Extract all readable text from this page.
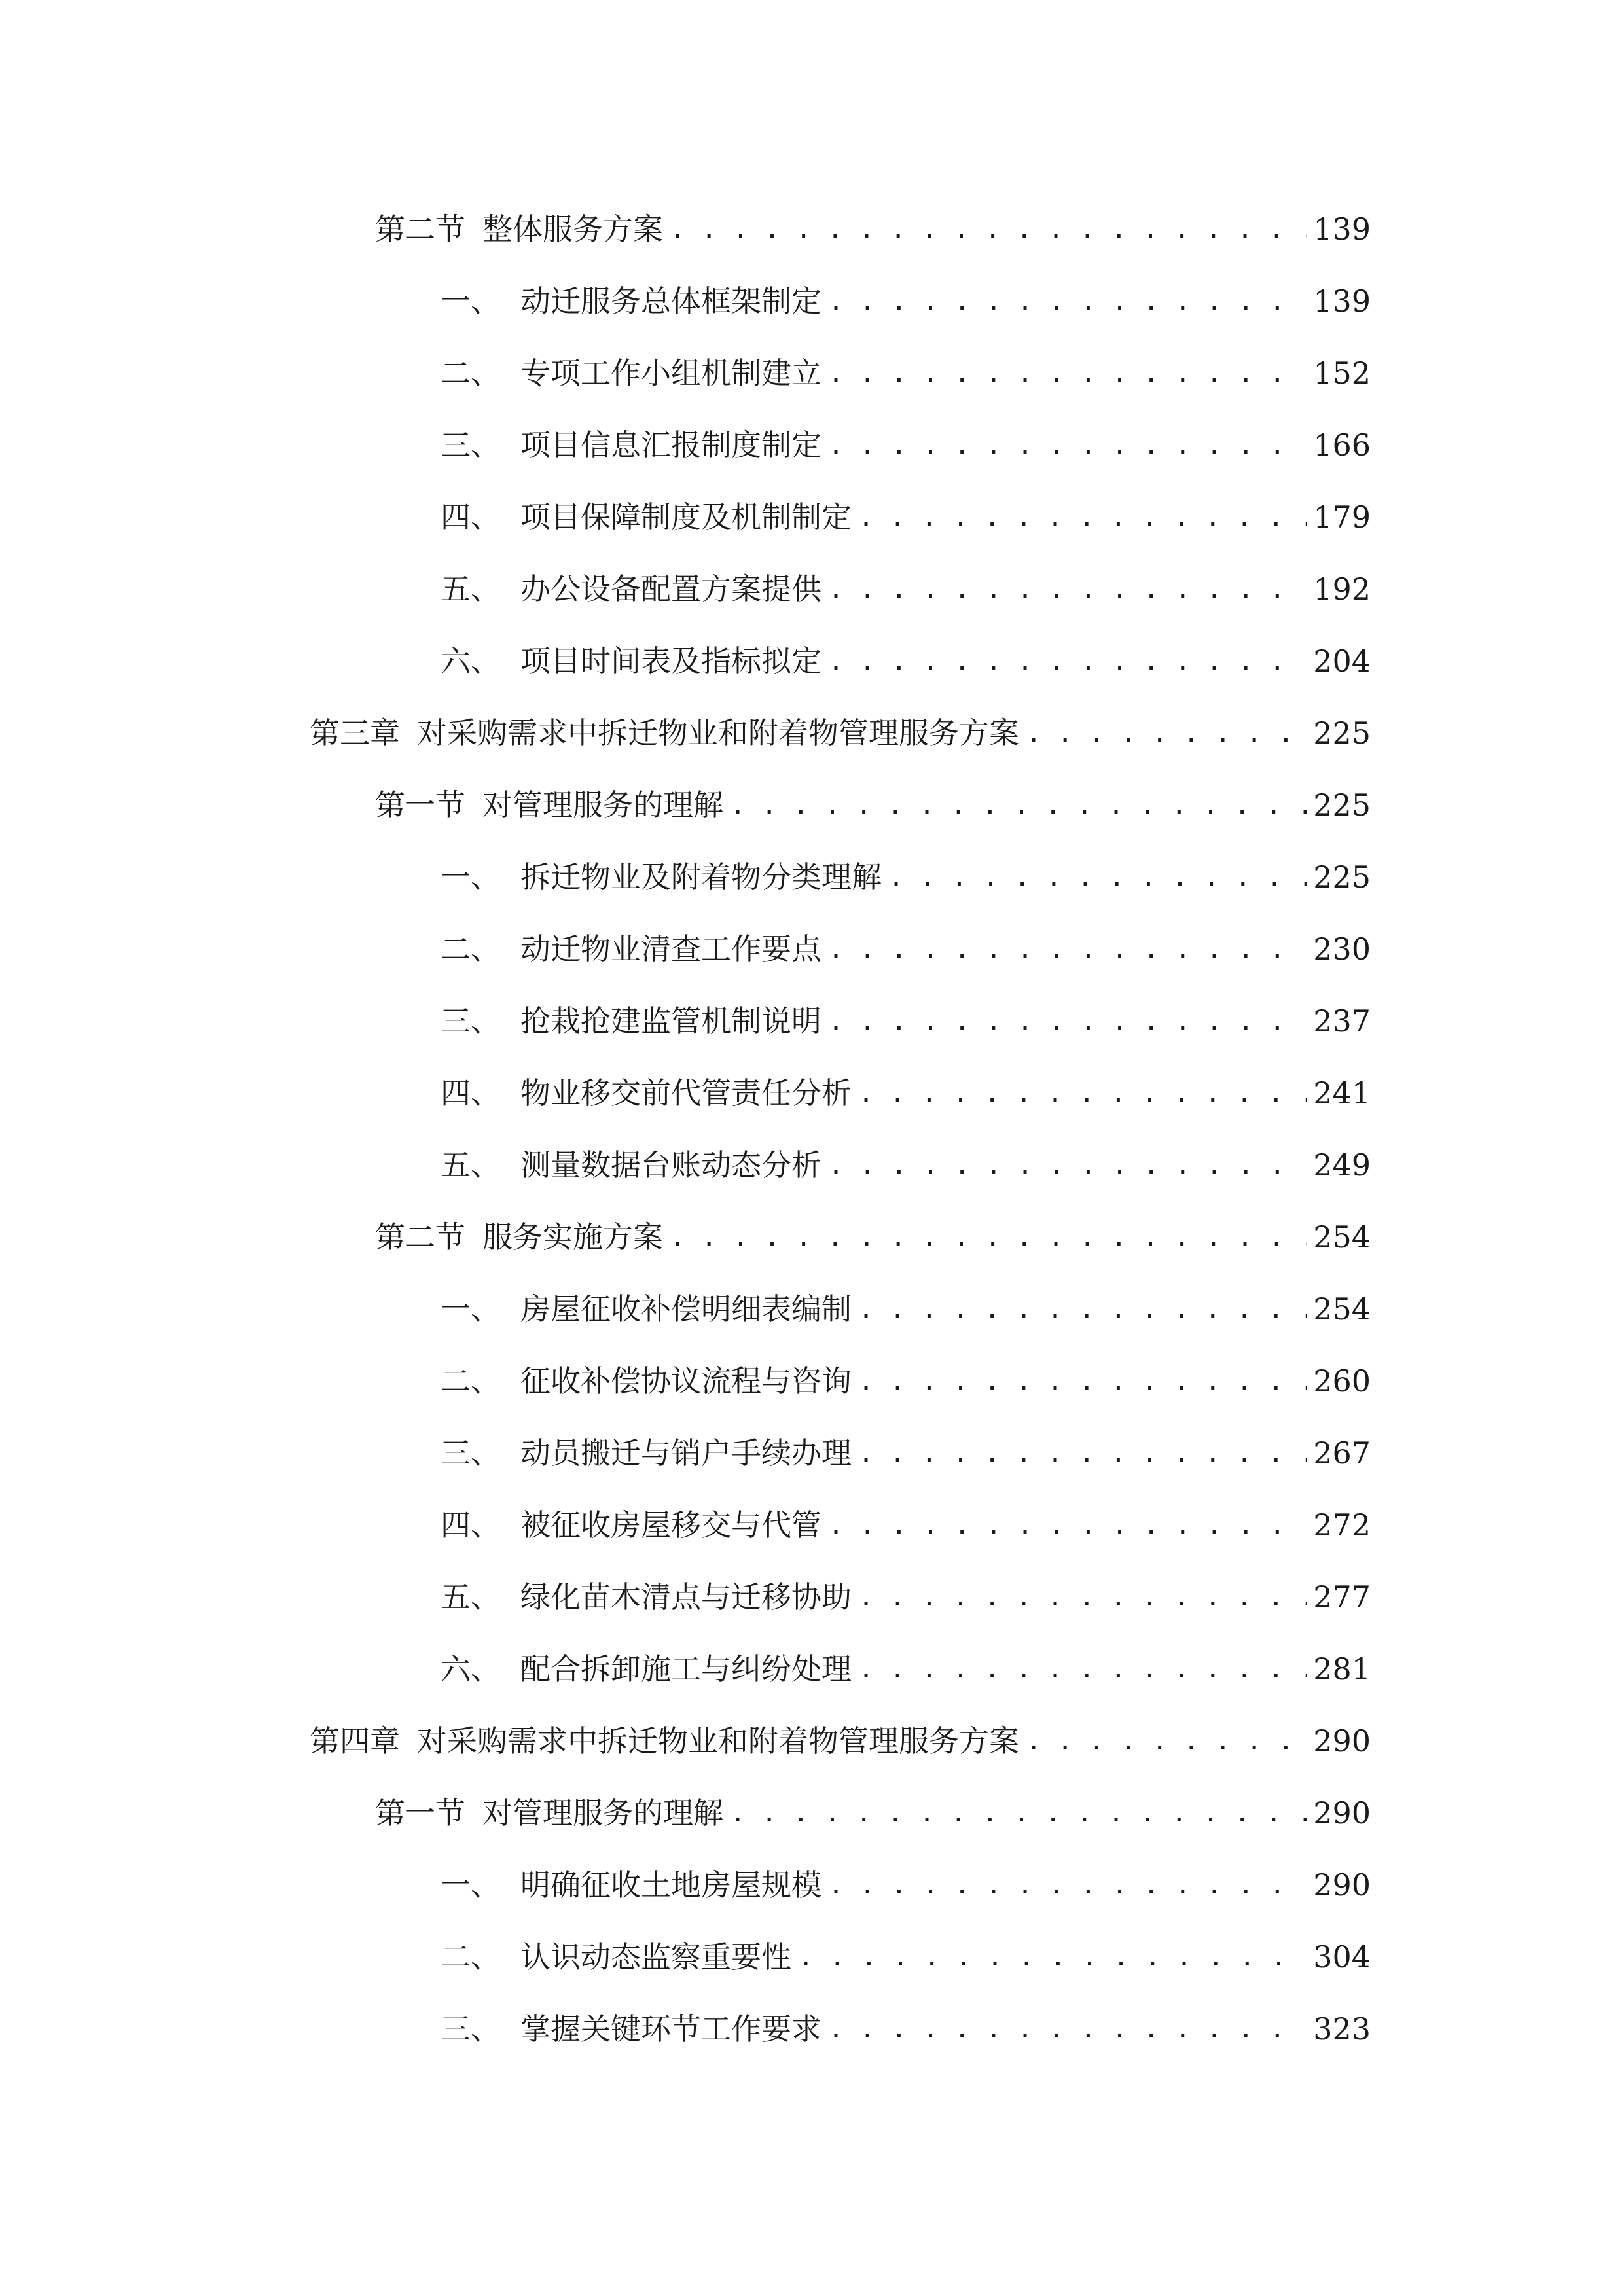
第二节 整体服务方案 . . .	139
一、 动迁服务总体框架制定 . . .	139
二、 专项工作小组机制建立 . . .	152
三、 项目信息汇报制度制定 . . .	166
四、 项目保障制度及机制制定 . . .	179
五、 办公设备配置方案提供 . . .	192
六、 项目时间表及指标拟定 . . .	204
第三章 对采购需求中拆迁物业和附着物管理服务方案 . . .	225
第一节 对管理服务的理解 . . .	225
一、 拆迁物业及附着物分类理解 . . .	225
二、 动迁物业清查工作要点 . . .	230
三、 抢栽抢建监管机制说明 . . .	237
四、 物业移交前代管责任分析 . . .	241
五、 测量数据台账动态分析 . . .	249
第二节 服务实施方案 . . .	254
一、 房屋征收补偿明细表编制 . . .	254
二、 征收补偿协议流程与咨询 . . .	260
三、 动员搬迁与销户手续办理 . . .	267
四、 被征收房屋移交与代管 . . .	272
五、 绿化苗木清点与迁移协助 . . .	277
六、 配合拆卸施工与纠纷处理 . . .	281
第四章 对采购需求中拆迁物业和附着物管理服务方案 . . .	290
第一节 对管理服务的理解 . . .	290
一、 明确征收土地房屋规模 . . .	290
二、 认识动态监察重要性 . . .	304
三、 掌握关键环节工作要求 . . .	323
